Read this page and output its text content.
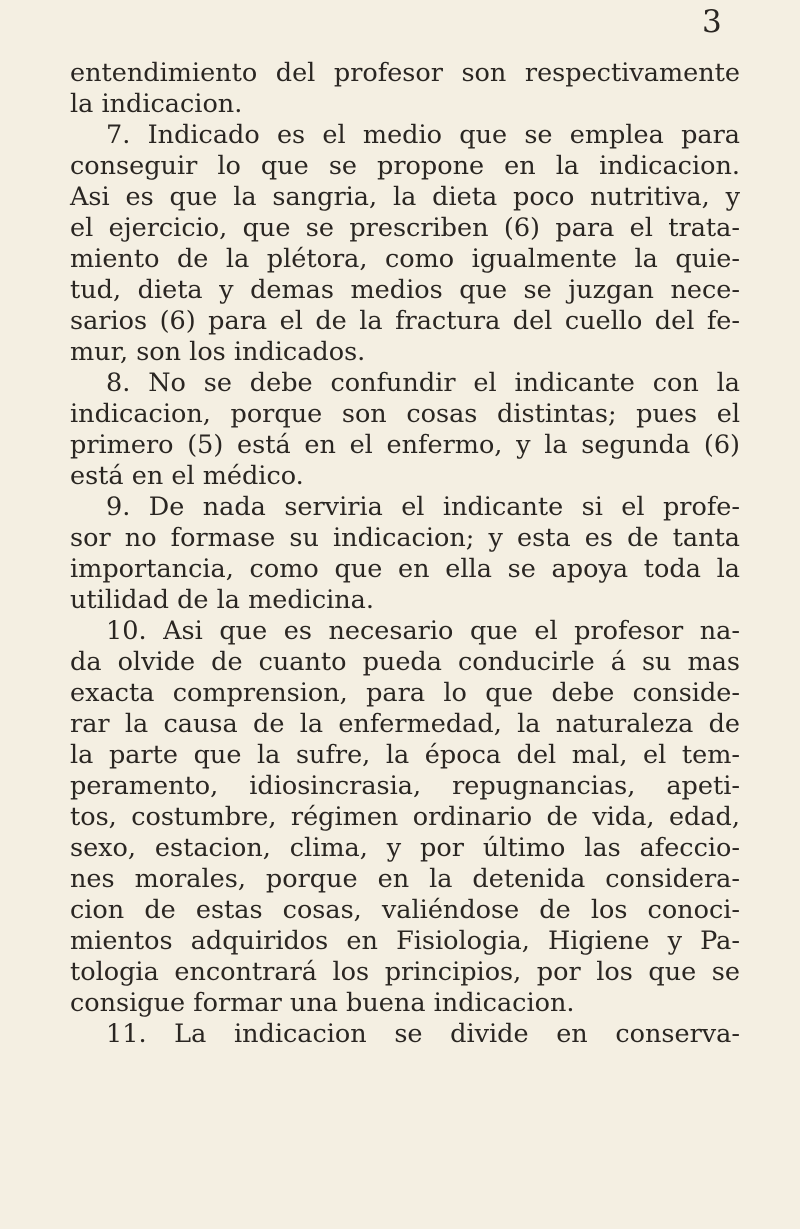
3
entendimiento del profesor son respectivamente
la indicacion.
7. Indicado es el medio que se emplea para
conseguir lo que se propone en la indicacion.
Asi es que la sangria, la dieta poco nutritiva, y
el ejercicio, que se prescriben (6) para el trata-
miento de la plétora, como igualmente la quie-
tud, dieta y demas medios que se juzgan nece-
sarios (6) para el de la fractura del cuello del fe-
mur, son los indicados.
8. No se debe confundir el indicante con la
indicacion, porque son cosas distintas; pues el
primero (5) está en el enfermo, y la segunda (6)
está en el médico.
9. De nada serviria el indicante si el profe-
sor no formase su indicacion; y esta es de tanta
importancia, como que en ella se apoya toda la
utilidad de la medicina.
10. Asi que es necesario que el profesor na-
da olvide de cuanto pueda conducirle á su mas
exacta comprension, para lo que debe conside-
rar la causa de la enfermedad, la naturaleza de
la parte que la sufre, la época del mal, el tem-
peramento, idiosincrasia, repugnancias, apeti-
tos, costumbre, régimen ordinario de vida, edad,
sexo, estacion, clima, y por último las afeccio-
nes morales, porque en la detenida considera-
cion de estas cosas, valiéndose de los conoci-
mientos adquiridos en Fisiologia, Higiene y Pa-
tologia encontrará los principios, por los que se
consigue formar una buena indicacion.
11. La indicacion se divide en conserva-
